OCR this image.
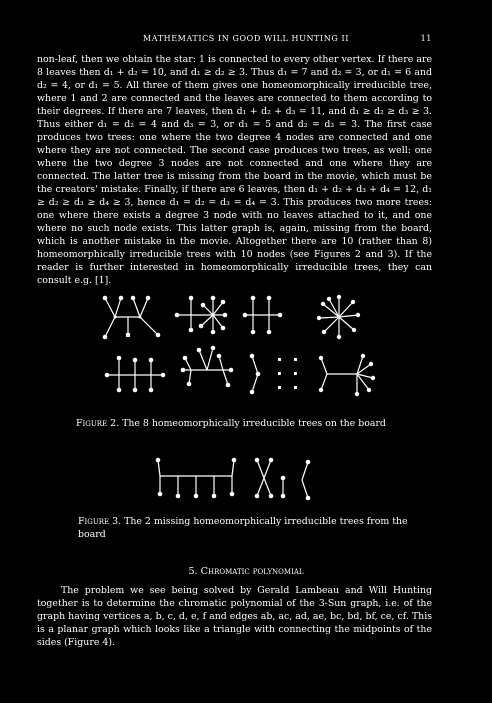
MATHEMATICS IN GOOD WILL HUNTING II	11

non-leaf, then we obtain the star: 1 is connected to every other vertex. If there are 8 leaves then d₁ + d₂ = 10, and d₁ ≥ d₂ ≥ 3. Thus d₁ = 7 and d₂ = 3, or d₁ = 6 and d₂ = 4, or d₁ = 5. All three of them gives one homeomorphically irreducible tree, where 1 and 2 are connected and the leaves are connected to them according to their degrees. If there are 7 leaves, then d₁ + d₂ + d₃ = 11, and d₁ ≥ d₂ ≥ d₃ ≥ 3. Thus either d₁ = d₂ = 4 and d₃ = 3, or d₁ = 5 and d₂ = d₃ = 3. The first case produces two trees: one where the two degree 4 nodes are connected and one where they are not connected. The second case produces two trees, as well: one where the two degree 3 nodes are not connected and one where they are connected. The latter tree is missing from the board in the movie, which must be the creators' mistake. Finally, if there are 6 leaves, then d₁ + d₂ + d₃ + d₄ = 12, d₁ ≥ d₂ ≥ d₃ ≥ d₄ ≥ 3, hence d₁ = d₂ = d₃ = d₄ = 3. This produces two more trees: one where there exists a degree 3 node with no leaves attached to it, and one where no such node exists. This latter graph is, again, missing from the board, which is another mistake in the movie. Altogether there are 10 (rather than 8) homeomorphically irreducible trees with 10 nodes (see Figures 2 and 3). If the reader is further interested in homeomorphically irreducible trees, they can consult e.g. [1].

Figure 2. The 8 homeomorphically irreducible trees on the board
Figure 3. The 2 missing homeomorphically irreducible trees from the board
5. Chromatic polynomial

The problem we see being solved by Gerald Lambeau and Will Hunting together is to determine the chromatic polynomial of the 3-Sun graph, i.e. of the graph having vertices a, b, c, d, e, f and edges ab, ac, ad, ae, bc, bd, bf, ce, cf. This is a planar graph which looks like a triangle with connecting the midpoints of the sides (Figure 4).
